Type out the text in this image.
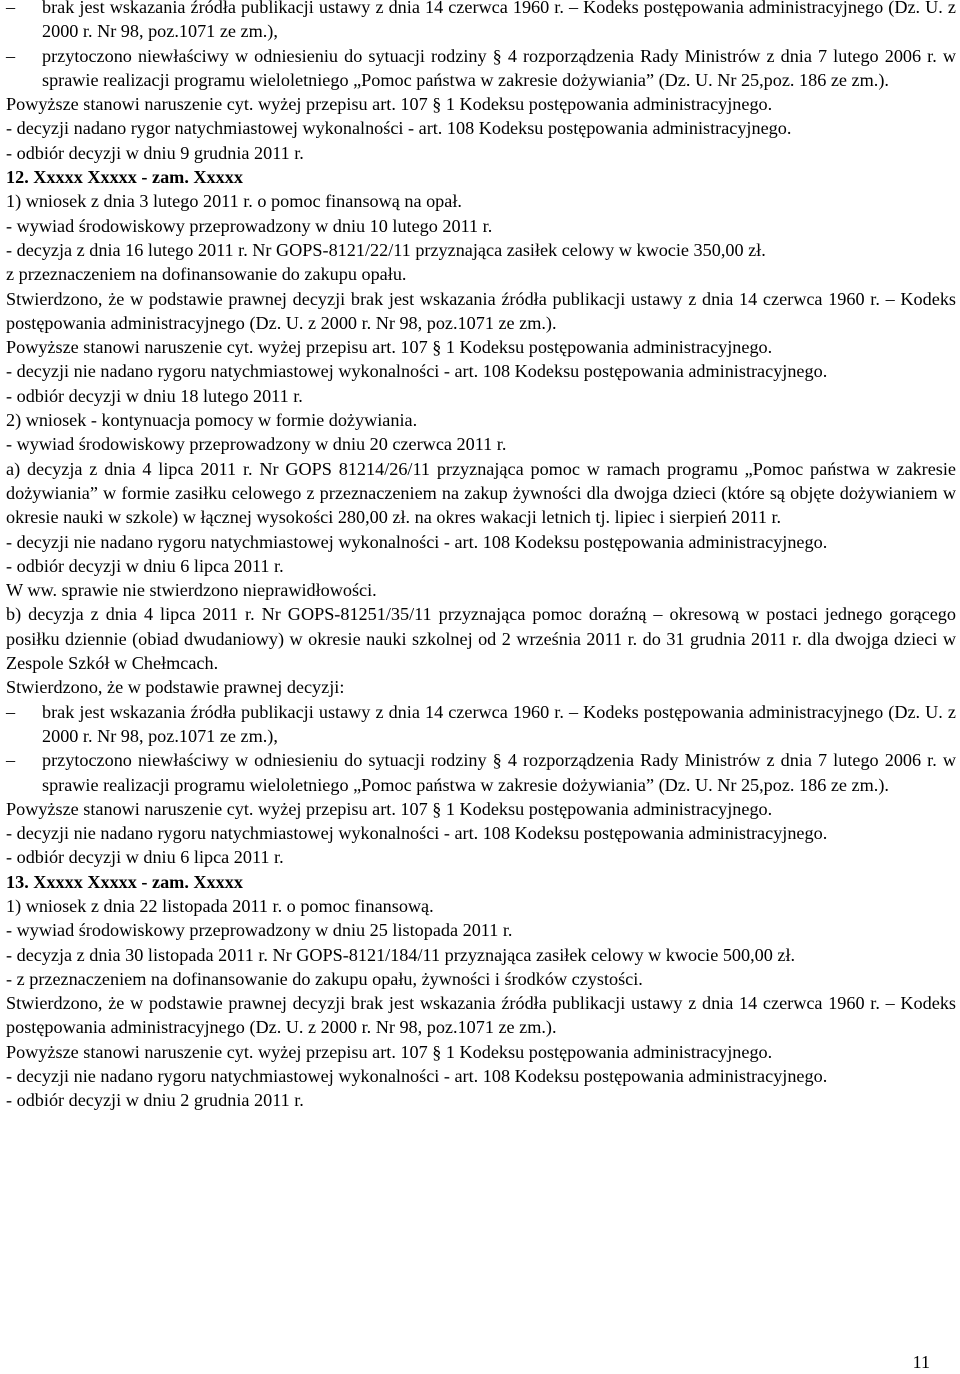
– brak jest wskazania źródła publikacji ustawy z dnia 14 czerwca 1960 r. – Kodeks postępowania administracyjnego (Dz. U. z 2000 r. Nr 98, poz.1071 ze zm.),

– przytoczono niewłaściwy w odniesieniu do sytuacji rodziny § 4 rozporządzenia Rady Ministrów z dnia 7 lutego 2006 r. w sprawie realizacji programu wieloletniego „Pomoc państwa w zakresie dożywiania” (Dz. U. Nr 25,poz. 186 ze zm.).

Powyższe stanowi naruszenie cyt. wyżej przepisu art. 107 § 1 Kodeksu postępowania administracyjnego.

- decyzji nadano rygor natychmiastowej wykonalności - art. 108 Kodeksu postępowania administracyjnego.

- odbiór decyzji w dniu 9 grudnia 2011 r.

12. Xxxxx Xxxxx - zam. Xxxxx

1) wniosek z dnia 3 lutego 2011 r. o pomoc finansową na opał.

- wywiad środowiskowy przeprowadzony w dniu 10 lutego 2011 r.

- decyzja z dnia 16 lutego 2011 r. Nr GOPS-8121/22/11 przyznająca zasiłek celowy w kwocie 350,00 zł.

z przeznaczeniem na dofinansowanie do zakupu opału.

Stwierdzono, że w podstawie prawnej decyzji brak jest wskazania źródła publikacji ustawy z dnia 14 czerwca 1960 r. – Kodeks postępowania administracyjnego (Dz. U. z 2000 r. Nr 98, poz.1071 ze zm.).

Powyższe stanowi naruszenie cyt. wyżej przepisu art. 107 § 1 Kodeksu postępowania administracyjnego.

- decyzji nie nadano rygoru natychmiastowej wykonalności - art. 108 Kodeksu postępowania administracyjnego.

- odbiór decyzji w dniu 18 lutego 2011 r.

2) wniosek - kontynuacja pomocy w formie dożywiania.

- wywiad środowiskowy przeprowadzony w dniu 20 czerwca 2011 r.

a) decyzja z dnia 4 lipca 2011 r. Nr GOPS 81214/26/11 przyznająca pomoc w ramach programu „Pomoc państwa w zakresie dożywiania” w formie zasiłku celowego z przeznaczeniem na zakup żywności dla dwojga dzieci (które są objęte dożywianiem w okresie nauki w szkole) w łącznej wysokości 280,00 zł. na okres wakacji letnich tj. lipiec i sierpień 2011 r.

- decyzji nie nadano rygoru natychmiastowej wykonalności - art. 108 Kodeksu postępowania administracyjnego.

- odbiór decyzji w dniu 6 lipca 2011 r.

W ww. sprawie nie stwierdzono nieprawidłowości.

b) decyzja z dnia 4 lipca 2011 r. Nr GOPS-81251/35/11 przyznająca pomoc doraźną – okresową w postaci jednego gorącego posiłku dziennie (obiad dwudaniowy) w okresie nauki szkolnej od 2 września 2011 r. do 31 grudnia 2011 r. dla dwojga dzieci w Zespole Szkół w Chełmcach.

Stwierdzono, że w podstawie prawnej decyzji:

– brak jest wskazania źródła publikacji ustawy z dnia 14 czerwca 1960 r. – Kodeks postępowania administracyjnego (Dz. U. z 2000 r. Nr 98, poz.1071 ze zm.),

– przytoczono niewłaściwy w odniesieniu do sytuacji rodziny § 4 rozporządzenia Rady Ministrów z dnia 7 lutego 2006 r. w sprawie realizacji programu wieloletniego „Pomoc państwa w zakresie dożywiania” (Dz. U. Nr 25,poz. 186 ze zm.).

Powyższe stanowi naruszenie cyt. wyżej przepisu art. 107 § 1 Kodeksu postępowania administracyjnego.

- decyzji nie nadano rygoru natychmiastowej wykonalności - art. 108 Kodeksu postępowania administracyjnego.

- odbiór decyzji w dniu 6 lipca 2011 r.

13. Xxxxx Xxxxx - zam. Xxxxx

1) wniosek z dnia 22 listopada 2011 r. o pomoc finansową.

- wywiad środowiskowy przeprowadzony w dniu 25 listopada 2011 r.

- decyzja z dnia 30 listopada 2011 r. Nr GOPS-8121/184/11 przyznająca zasiłek celowy w kwocie 500,00 zł.

- z przeznaczeniem na dofinansowanie do zakupu opału, żywności i środków czystości.

Stwierdzono, że w podstawie prawnej decyzji brak jest wskazania źródła publikacji ustawy z dnia 14 czerwca 1960 r. – Kodeks postępowania administracyjnego (Dz. U. z 2000 r. Nr 98, poz.1071 ze zm.).

Powyższe stanowi naruszenie cyt. wyżej przepisu art. 107 § 1 Kodeksu postępowania administracyjnego.

- decyzji nie nadano rygoru natychmiastowej wykonalności - art. 108 Kodeksu postępowania administracyjnego.

- odbiór decyzji w dniu 2 grudnia 2011 r.

11
